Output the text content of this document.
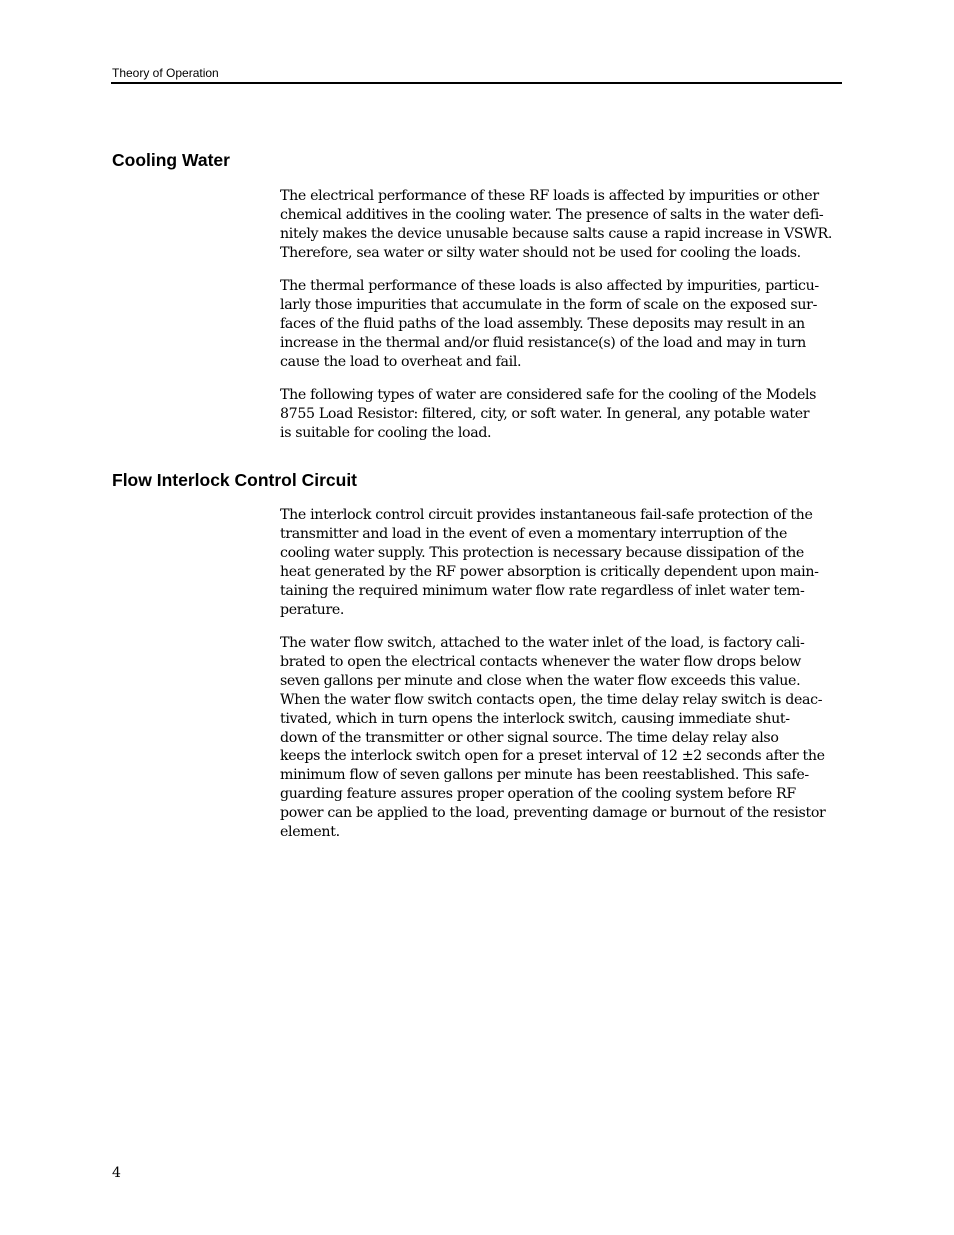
Theory of Operation
Cooling Water

The electrical performance of these RF loads is affected by impurities or other
chemical additives in the cooling water. The presence of salts in the water defi-
nitely makes the device unusable because salts cause a rapid increase in VSWR.
Therefore, sea water or silty water should not be used for cooling the loads.

The thermal performance of these loads is also affected by impurities, particu-
larly those impurities that accumulate in the form of scale on the exposed sur-
faces of the fluid paths of the load assembly. These deposits may result in an
increase in the thermal and/or fluid resistance(s) of the load and may in turn
cause the load to overheat and fail.

The following types of water are considered safe for the cooling of the Models
8755 Load Resistor: filtered, city, or soft water. In general, any potable water
is suitable for cooling the load.

Flow Interlock Control Circuit

The interlock control circuit provides instantaneous fail-safe protection of the
transmitter and load in the event of even a momentary interruption of the
cooling water supply. This protection is necessary because dissipation of the
heat generated by the RF power absorption is critically dependent upon main-
taining the required minimum water flow rate regardless of inlet water tem-
perature.

The water flow switch, attached to the water inlet of the load, is factory cali-
brated to open the electrical contacts whenever the water flow drops below
seven gallons per minute and close when the water flow exceeds this value.
When the water flow switch contacts open, the time delay relay switch is deac-
tivated, which in turn opens the interlock switch, causing immediate shut-
down of the transmitter or other signal source. The time delay relay also
keeps the interlock switch open for a preset interval of 12 ±2 seconds after the
minimum flow of seven gallons per minute has been reestablished. This safe-
guarding feature assures proper operation of the cooling system before RF
power can be applied to the load, preventing damage or burnout of the resistor
element.

4
